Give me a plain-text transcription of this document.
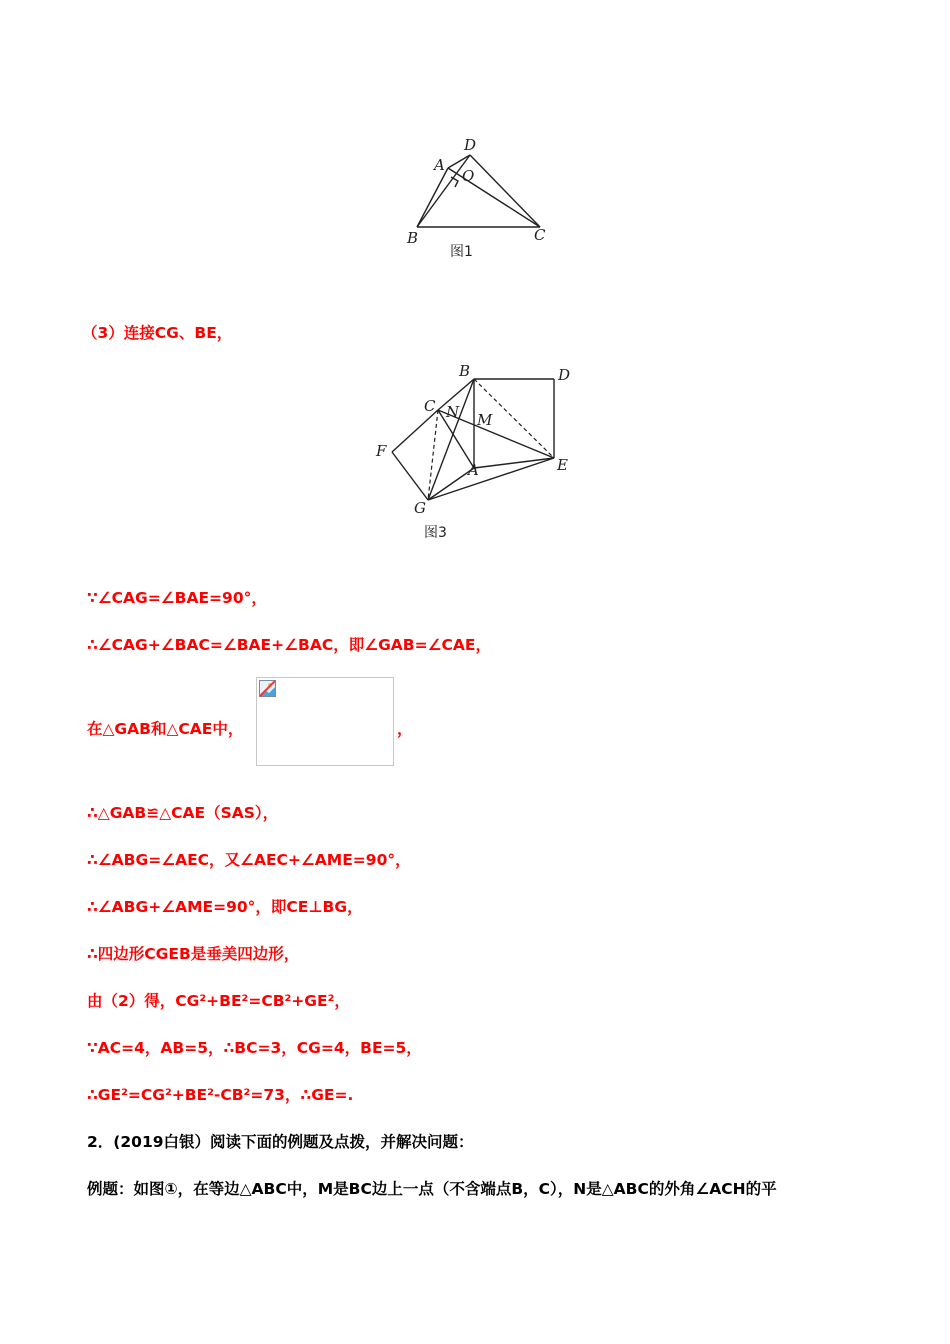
D
A
O
B	C
图1
（3）连接CG、BE，
B	D
C N M
F
A	E
G
图3
∵∠CAG=∠BAE=90°，
∴∠CAG+∠BAC=∠BAE+∠BAC，即∠GAB=∠CAE，
在△GAB和△CAE中，	，
∴△GAB≌△CAE（SAS），
∴∠ABG=∠AEC，又∠AEC+∠AME=90°，
∴∠ABG+∠AME=90°，即CE⊥BG，
∴四边形CGEB是垂美四边形，
由（2）得，CG²+BE²=CB²+GE²，
∵AC=4，AB=5，∴BC=3，CG=4，BE=5，
∴GE²=CG²+BE²-CB²=73，∴GE=.
2．(2019白银）阅读下面的例题及点拨，并解决问题：
例题：如图①，在等边△ABC中，M是BC边上一点（不含端点B，C），N是△ABC的外角∠ACH的平
